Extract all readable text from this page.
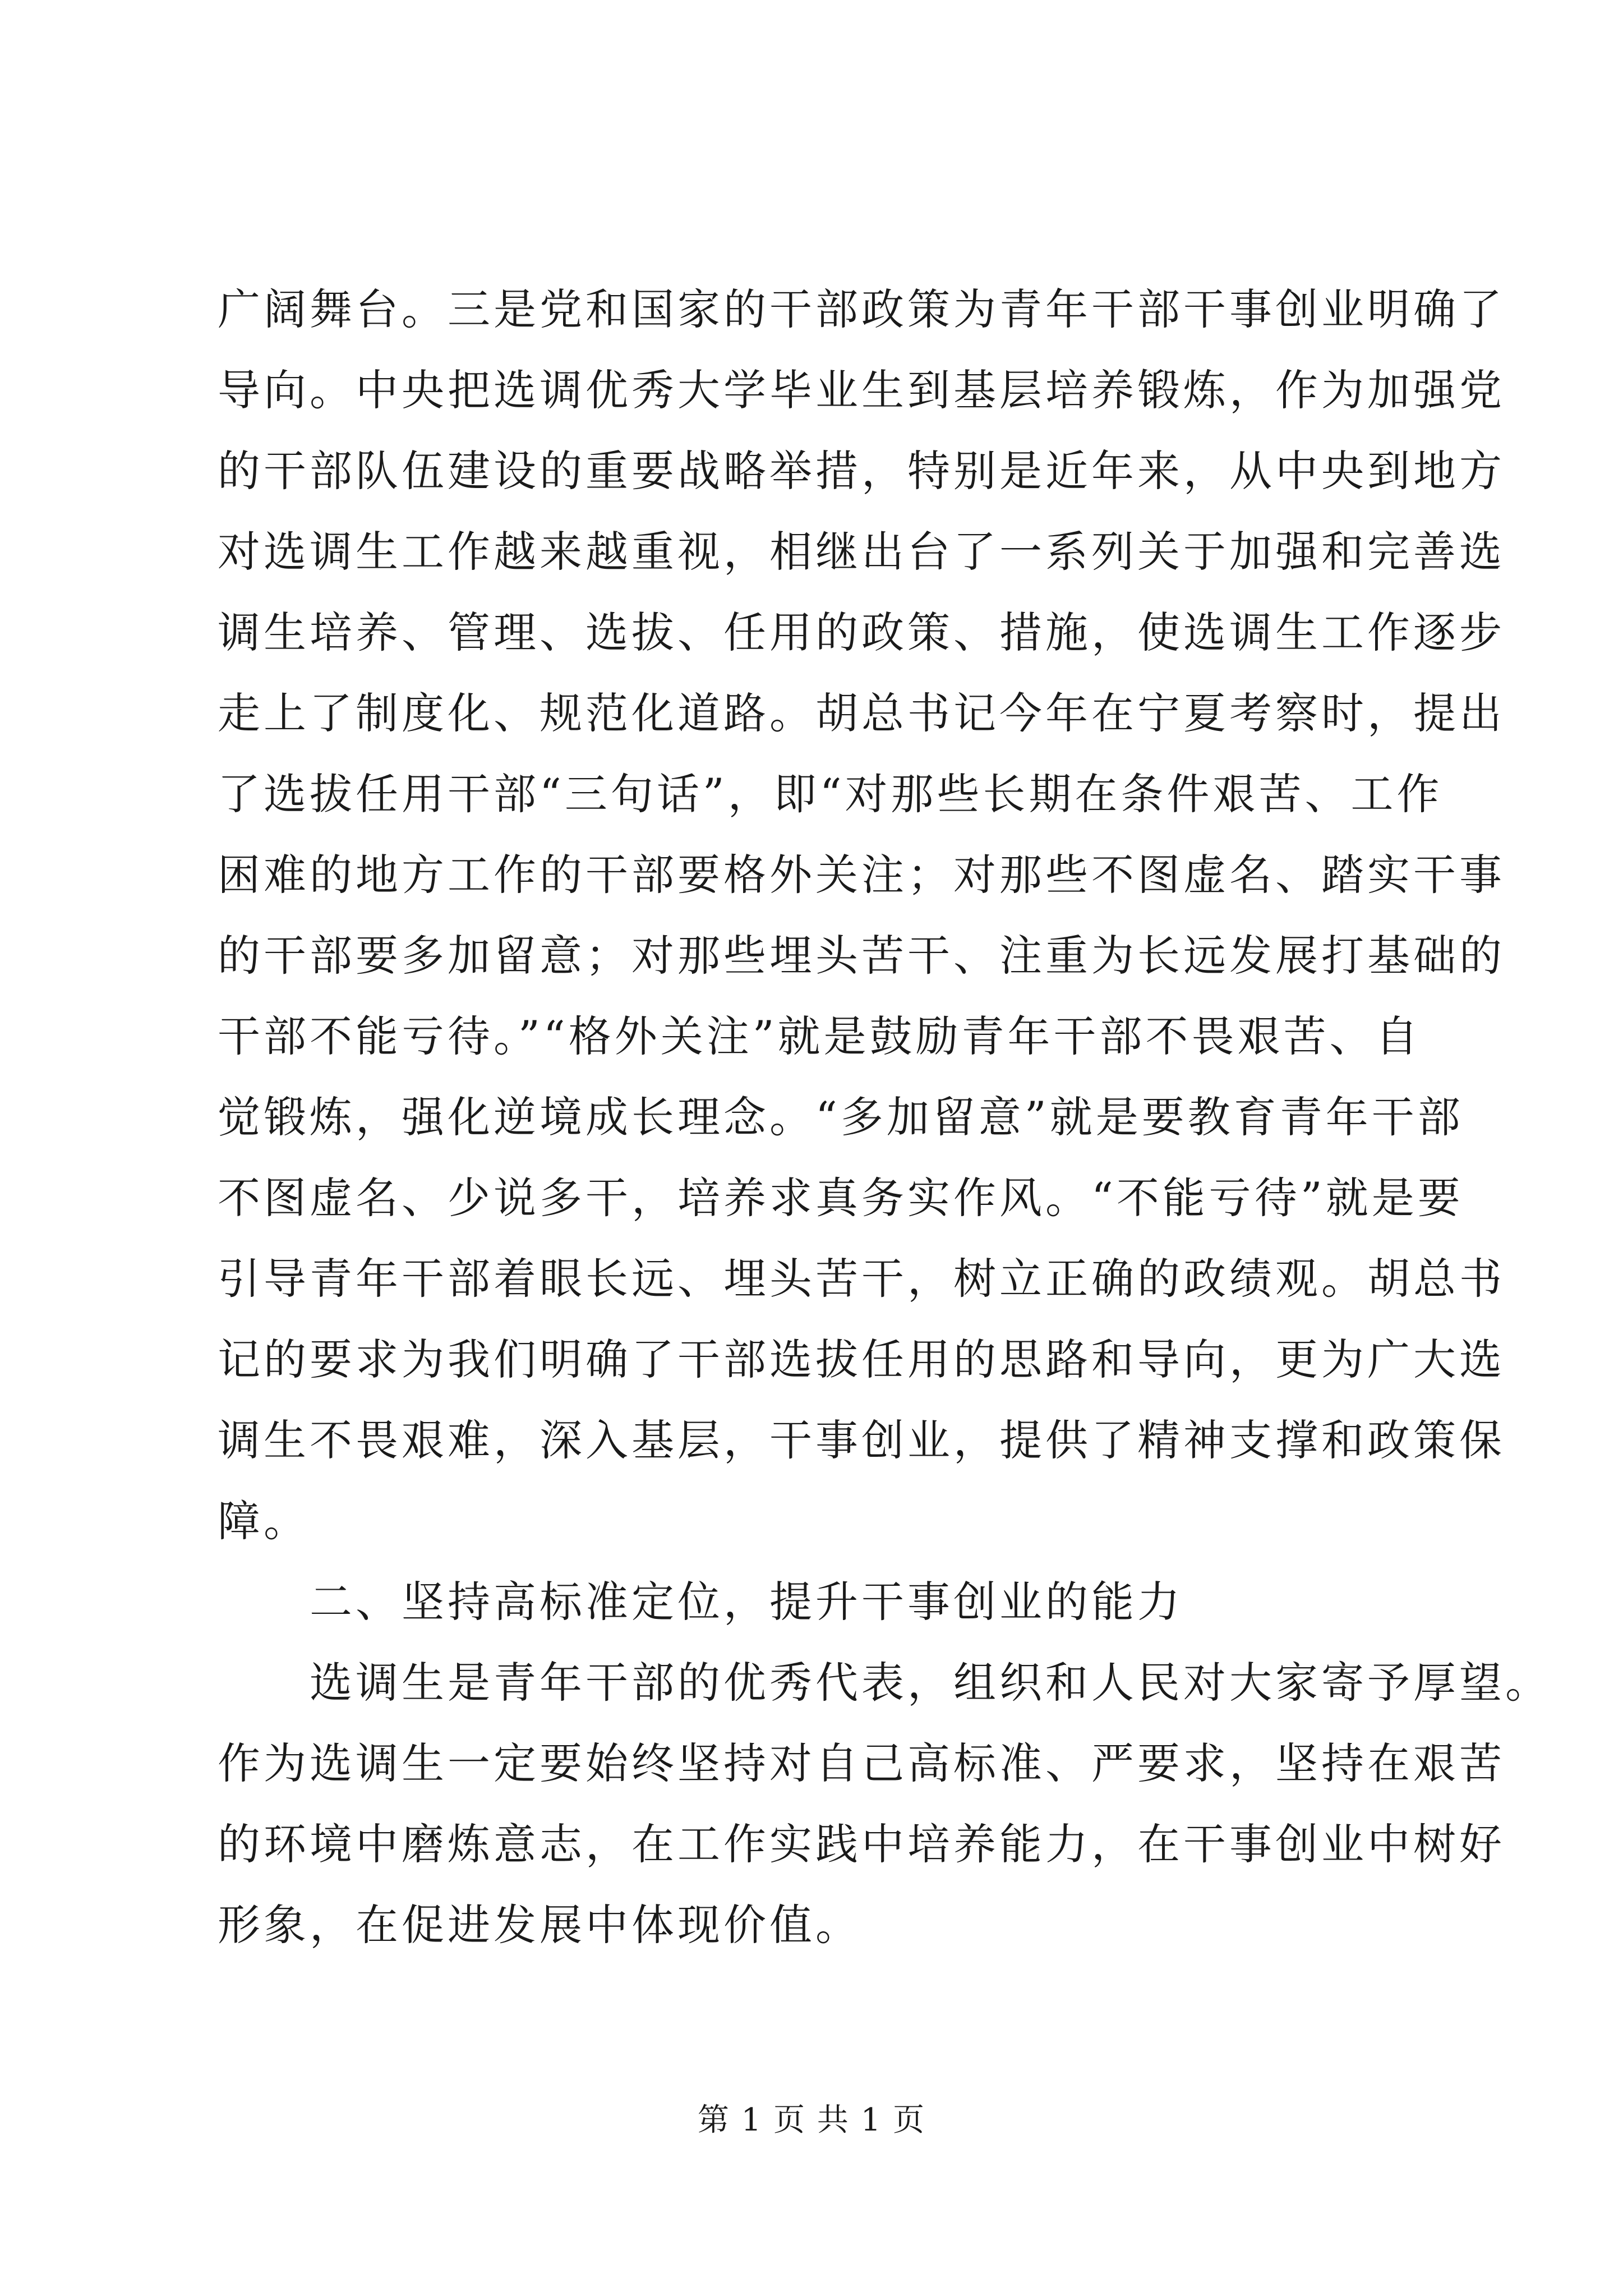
广阔舞台。三是党和国家的干部政策为青年干部干事创业明确了
导向。中央把选调优秀大学毕业生到基层培养锻炼，作为加强党
的干部队伍建设的重要战略举措，特别是近年来，从中央到地方
对选调生工作越来越重视，相继出台了一系列关于加强和完善选
调生培养、管理、选拔、任用的政策、措施，使选调生工作逐步
走上了制度化、规范化道路。胡总书记今年在宁夏考察时，提出
了选拔任用干部“三句话”，即“对那些长期在条件艰苦、工作
困难的地方工作的干部要格外关注；对那些不图虚名、踏实干事
的干部要多加留意；对那些埋头苦干、注重为长远发展打基础的
干部不能亏待。”“格外关注”就是鼓励青年干部不畏艰苦、自
觉锻炼，强化逆境成长理念。“多加留意”就是要教育青年干部
不图虚名、少说多干，培养求真务实作风。“不能亏待”就是要
引导青年干部着眼长远、埋头苦干，树立正确的政绩观。胡总书
记的要求为我们明确了干部选拔任用的思路和导向，更为广大选
调生不畏艰难，深入基层，干事创业，提供了精神支撑和政策保
障。
　　二、坚持高标准定位，提升干事创业的能力
　　选调生是青年干部的优秀代表，组织和人民对大家寄予厚望。
作为选调生一定要始终坚持对自己高标准、严要求，坚持在艰苦
的环境中磨炼意志，在工作实践中培养能力，在干事创业中树好
形象，在促进发展中体现价值。
第 1 页 共 1 页
